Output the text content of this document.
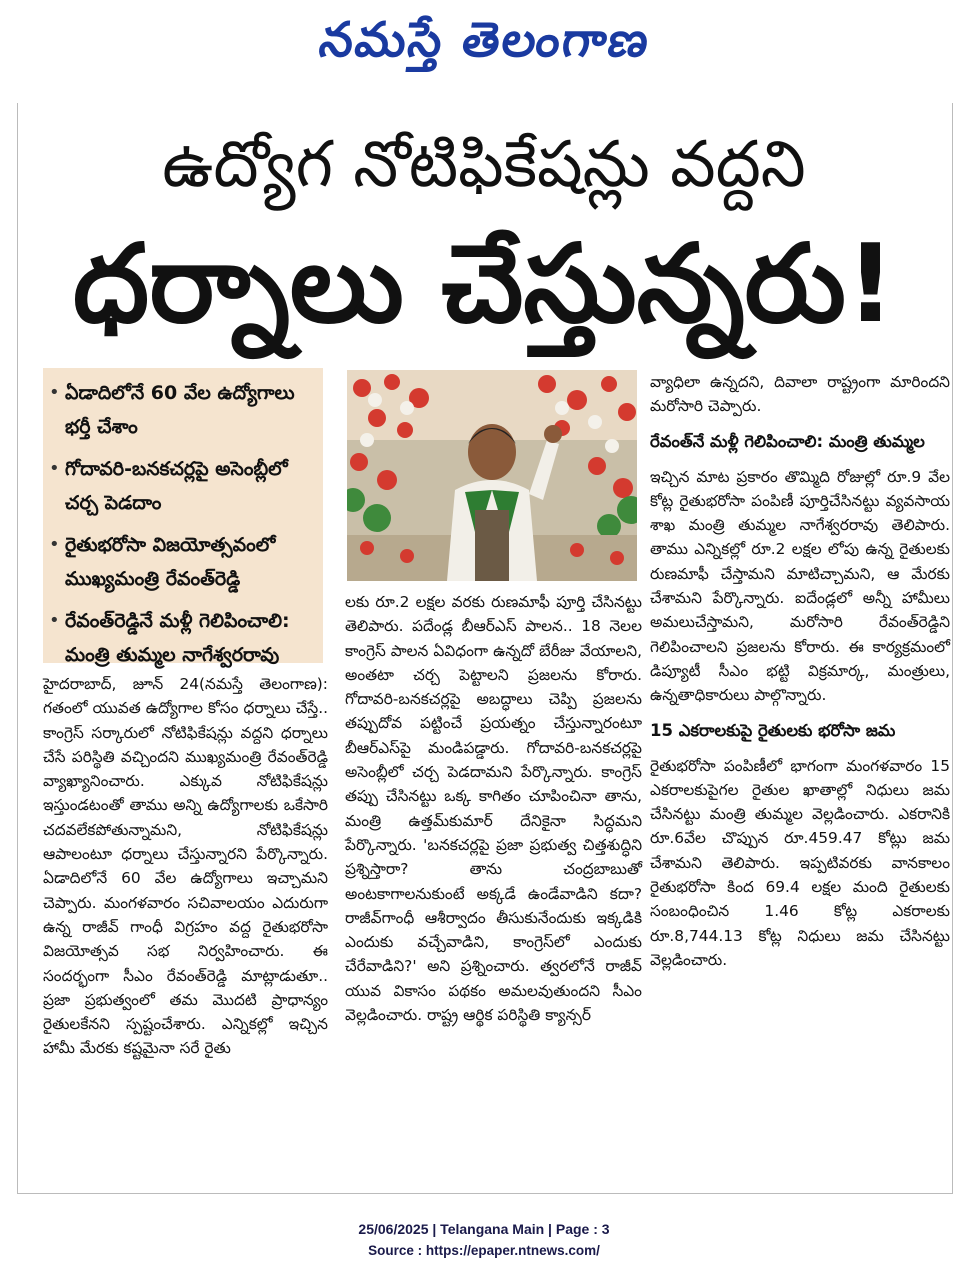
నమస్తే తెలంగాణ
ఉద్యోగ నోటిఫికేషన్లు వద్దని
ధర్నాలు చేస్తున్నరు!
• ఏడాదిలోనే 60 వేల ఉద్యోగాలు భర్తీ చేశాం
• గోదావరి-బనకచర్లపై అసెంబ్లీలో చర్చ పెడదాం
• రైతుభరోసా విజయోత్సవంలో ముఖ్యమంత్రి రేవంత్‌రెడ్డి
• రేవంత్‌రెడ్డినే మళ్లీ గెలిపించాలి: మంత్రి తుమ్మల నాగేశ్వరరావు

హైదరాబాద్, జూన్ 24(నమస్తే తెలంగాణ): గతంలో యువత ఉద్యోగాల కోసం ధర్నాలు చేస్తే.. కాంగ్రెస్ సర్కారులో నోటిఫికేషన్లు వద్దని ధర్నాలు చేసే పరిస్థితి వచ్చిందని ముఖ్యమంత్రి రేవంత్‌రెడ్డి వ్యాఖ్యానించారు. ఎక్కువ నోటిఫికేషన్లు ఇస్తుండటంతో తాము అన్ని ఉద్యోగాలకు ఒకేసారి చదవలేకపోతున్నామని, నోటిఫికేషన్లు ఆపాలంటూ ధర్నాలు చేస్తున్నారని పేర్కొన్నారు. ఏడాదిలోనే 60 వేల ఉద్యోగాలు ఇచ్చామని చెప్పారు. మంగళవారం సచివాలయం ఎదురుగా ఉన్న రాజీవ్ గాంధీ విగ్రహం వద్ద రైతుభరోసా విజయోత్సవ సభ నిర్వహించారు. ఈ సందర్భంగా సీఎం రేవంత్‌రెడ్డి మాట్లాడుతూ.. ప్రజా ప్రభుత్వంలో తమ మొదటి ప్రాధాన్యం రైతులకేనని స్పష్టంచేశారు. ఎన్నికల్లో ఇచ్చిన హామీ మేరకు కష్టమైనా సరే రైతు

లకు రూ.2 లక్షల వరకు రుణమాఫీ పూర్తి చేసినట్టు తెలిపారు. పదేండ్ల బీఆర్ఎస్ పాలన.. 18 నెలల కాంగ్రెస్ పాలన ఏవిధంగా ఉన్నదో బేరీజు వేయాలని, అంతటా చర్చ పెట్టాలని ప్రజలను కోరారు. గోదావరి-బనకచర్లపై అబద్ధాలు చెప్పి ప్రజలను తప్పుదోవ పట్టించే ప్రయత్నం చేస్తున్నారంటూ బీఆర్ఎస్‌పై మండిపడ్డారు. గోదావరి-బనకచర్లపై అసెంబ్లీలో చర్చ పెడదామని పేర్కొన్నారు. కాంగ్రెస్ తప్పు చేసినట్టు ఒక్క కాగితం చూపించినా తాను, మంత్రి ఉత్తమ్‌కుమార్ దేనికైనా సిద్ధమని పేర్కొన్నారు. 'బనకచర్లపై ప్రజా ప్రభుత్వ చిత్తశుద్ధిని ప్రశ్నిస్తారా? తాను చంద్రబాబుతో అంటకాగాలనుకుంటే అక్కడే ఉండేవాడిని కదా? రాజీవ్‌గాంధీ ఆశీర్వాదం తీసుకునేందుకు ఇక్కడికి ఎందుకు వచ్చేవాడిని, కాంగ్రెస్‌లో ఎందుకు చేరేవాడిని?' అని ప్రశ్నించారు. త్వరలోనే రాజీవ్ యువ వికాసం పథకం అమలవుతుందని సీఎం వెల్లడించారు. రాష్ట్ర ఆర్థిక పరిస్థితి క్యాన్సర్

వ్యాధిలా ఉన్నదని, దివాలా రాష్ట్రంగా మారిందని మరోసారి చెప్పారు.

రేవంత్‌నే మళ్లీ గెలిపించాలి: మంత్రి తుమ్మల

ఇచ్చిన మాట ప్రకారం తొమ్మిది రోజుల్లో రూ.9 వేల కోట్ల రైతుభరోసా పంపిణీ పూర్తిచేసినట్టు వ్యవసాయ శాఖ మంత్రి తుమ్మల నాగేశ్వరరావు తెలిపారు. తాము ఎన్నికల్లో రూ.2 లక్షల లోపు ఉన్న రైతులకు రుణమాఫీ చేస్తామని మాటిచ్చామని, ఆ మేరకు చేశామని పేర్కొన్నారు. ఐదేండ్లలో అన్నీ హామీలు అమలుచేస్తామని, మరోసారి రేవంత్‌రెడ్డిని గెలిపించాలని ప్రజలను కోరారు. ఈ కార్యక్రమంలో డిప్యూటీ సీఎం భట్టి విక్రమార్క, మంత్రులు, ఉన్నతాధికారులు పాల్గొన్నారు.

15 ఎకరాలకుపై రైతులకు భరోసా జమ

రైతుభరోసా పంపిణీలో భాగంగా మంగళవారం 15 ఎకరాలకుపైగల రైతుల ఖాతాల్లో నిధులు జమ చేసినట్టు మంత్రి తుమ్మల వెల్లడించారు. ఎకరానికి రూ.6వేల చొప్పున రూ.459.47 కోట్లు జమ చేశామని తెలిపారు. ఇప్పటివరకు వానకాలం రైతుభరోసా కింద 69.4 లక్షల మంది రైతులకు సంబంధించిన 1.46 కోట్ల ఎకరాలకు రూ.8,744.13 కోట్ల నిధులు జమ చేసినట్టు వెల్లడించారు.

25/06/2025 | Telangana Main | Page : 3
Source : https://epaper.ntnews.com/
